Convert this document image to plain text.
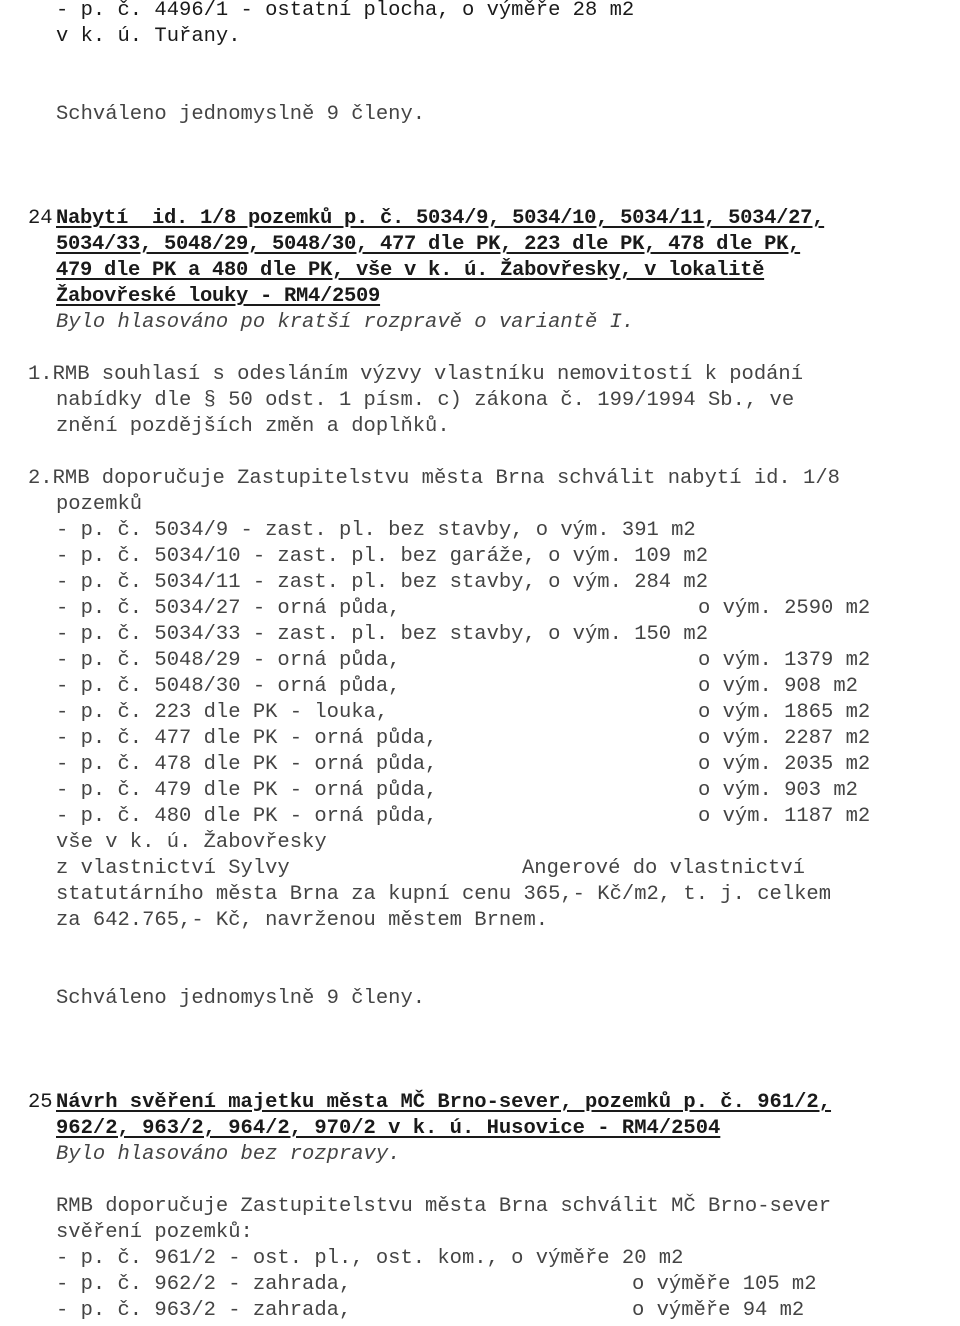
- p. č. 4496/1 - ostatní plocha, o výměře 28 m2
v k. ú. Tuřany.
Schváleno jednomyslně 9 členy.
24.
Nabytí  id. 1/8 pozemků p. č. 5034/9, 5034/10, 5034/11, 5034/27,
5034/33, 5048/29, 5048/30, 477 dle PK, 223 dle PK, 478 dle PK,
479 dle PK a 480 dle PK, vše v k. ú. Žabovřesky, v lokalitě
Žabovřeské louky - RM4/2509
Bylo hlasováno po kratší rozpravě o variantě I.
1.RMB souhlasí s odesláním výzvy vlastníku nemovitostí k podání
nabídky dle § 50 odst. 1 písm. c) zákona č. 199/1994 Sb., ve
znění pozdějších změn a doplňků.
2.RMB doporučuje Zastupitelstvu města Brna schválit nabytí id. 1/8
pozemků
- p. č. 5034/9 - zast. pl. bez stavby, o vým. 391 m2
- p. č. 5034/10 - zast. pl. bez garáže, o vým. 109 m2
- p. č. 5034/11 - zast. pl. bez stavby, o vým. 284 m2
- p. č. 5034/27 - orná půda,	o vým. 2590 m2
- p. č. 5034/33 - zast. pl. bez stavby, o vým. 150 m2
- p. č. 5048/29 - orná půda,	o vým. 1379 m2
- p. č. 5048/30 - orná půda,	o vým. 908 m2
- p. č. 223 dle PK - louka,	o vým. 1865 m2
- p. č. 477 dle PK - orná půda,	o vým. 2287 m2
- p. č. 478 dle PK - orná půda,	o vým. 2035 m2
- p. č. 479 dle PK - orná půda,	o vým. 903 m2
- p. č. 480 dle PK - orná půda,	o vým. 1187 m2
vše v k. ú. Žabovřesky
z vlastnictví Sylvy	Angerové do vlastnictví
statutárního města Brna za kupní cenu 365,- Kč/m2, t. j. celkem
za 642.765,- Kč, navrženou městem Brnem.
Schváleno jednomyslně 9 členy.
25.
Návrh svěření majetku města MČ Brno-sever, pozemků p. č. 961/2,
962/2, 963/2, 964/2, 970/2 v k. ú. Husovice - RM4/2504
Bylo hlasováno bez rozpravy.
RMB doporučuje Zastupitelstvu města Brna schválit MČ Brno-sever
svěření pozemků:
- p. č. 961/2 - ost. pl., ost. kom., o výměře 20 m2
- p. č. 962/2 - zahrada,	o výměře 105 m2
- p. č. 963/2 - zahrada,	o výměře 94 m2
